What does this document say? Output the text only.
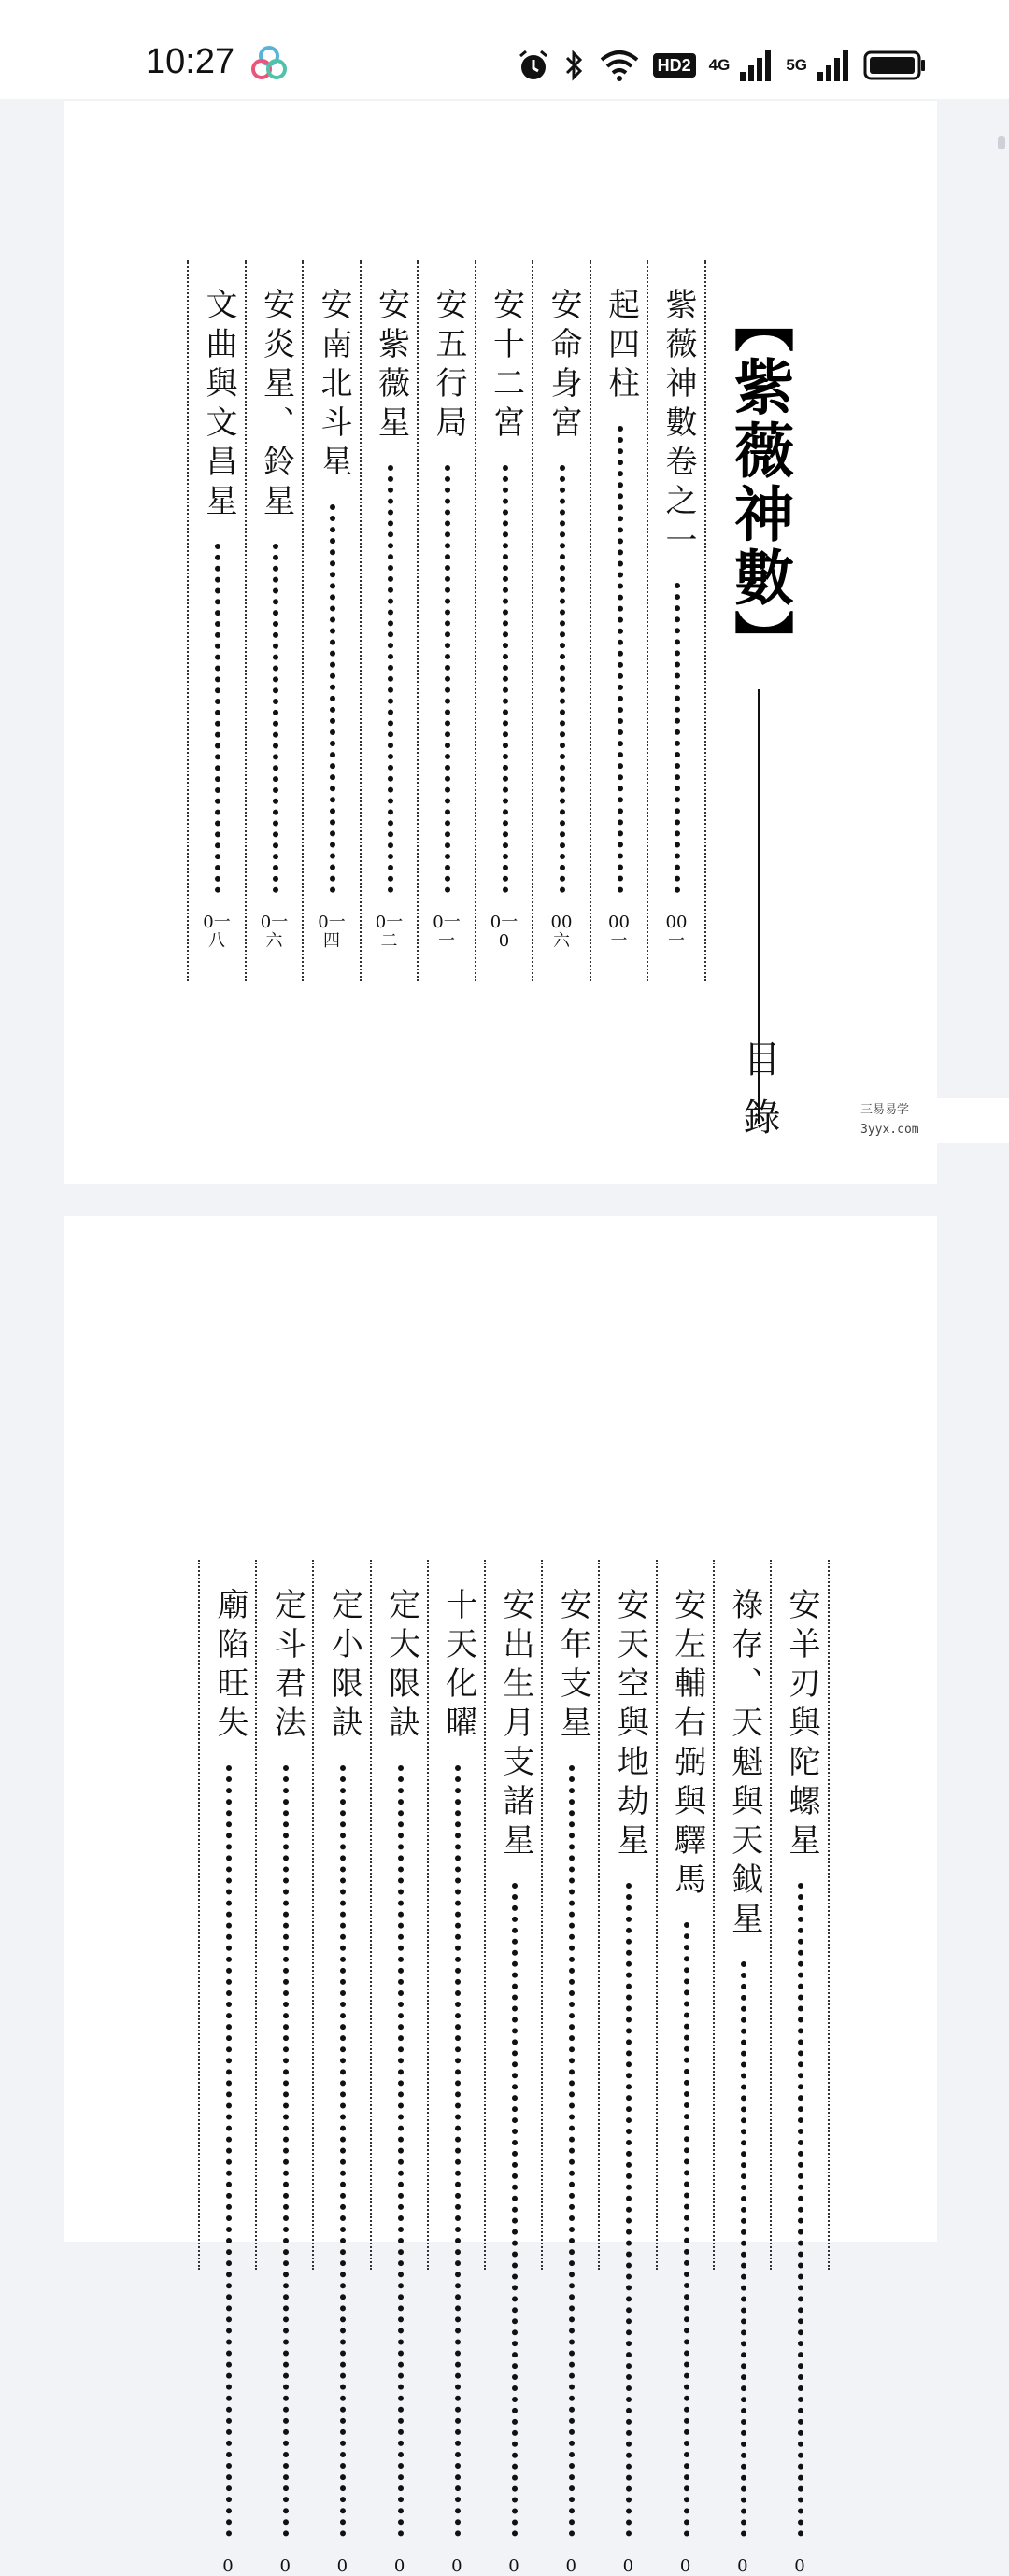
10:27	HD2 4G	5G
【紫薇神數】
目錄
紫薇神數卷之一
00一
起四柱
00一
安命身宮
00六
安十二宮
0一0
安五行局
0一一
安紫薇星
0一二
安南北斗星
0一四
安炎星、鈴星
0一六
文曲與文昌星
0一八
安羊刃與陀螺星
0
祿存、天魁與天鉞星
0
安左輔右弼與驛馬
0
安天空與地劫星
0
安年支星
0
安出生月支諸星
0
十天化曜
0
定大限訣
0
定小限訣
0
定斗君法
0
廟陷旺失
0
三易易学
3yyx.com
